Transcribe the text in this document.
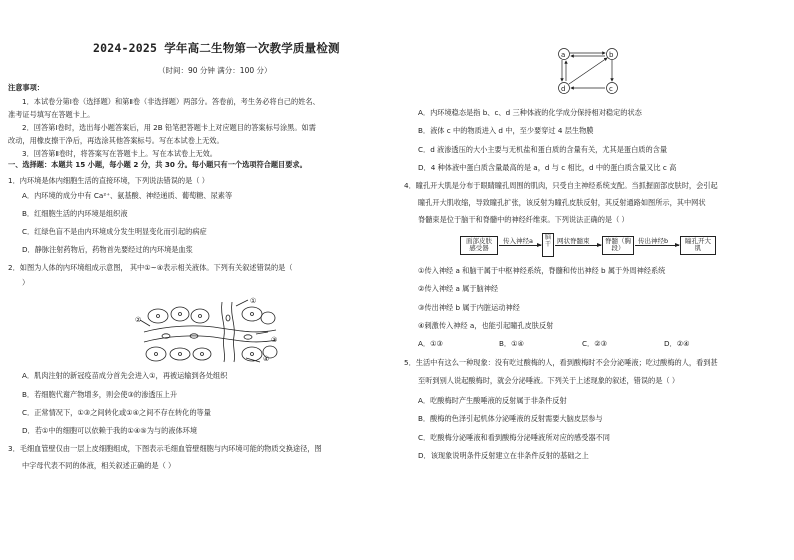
2024-2025 学年高二生物第一次教学质量检测
（时间：90 分钟 满分：100 分）
注意事项：
1．本试卷分第Ⅰ卷（选择题）和第Ⅱ卷（非选择题）两部分。答卷前，考生务必将自己的姓名、
准考证号填写在答题卡上。
2．回答第Ⅰ卷时，选出每小题答案后，用 2B 铅笔把答题卡上对应题目的答案标号涂黑。如需
改动，用橡皮擦干净后，再选涂其他答案标号。写在本试卷上无效。
3．回答第Ⅱ卷时，将答案写在答题卡上。写在本试卷上无效。
一、选择题：本题共 15 小题，每小题 2 分，共 30 分。每小题只有一个选项符合题目要求。
1．内环境是体内细胞生活的直接环境，下列说法错误的是（ ）
A．内环境的成分中有 Ca²⁺、氨基酸、神经递质、葡萄糖、尿素等
B．红细胞生活的内环境是组织液
C．红绿色盲不是由内环境成分发生明显变化而引起的病症
D．静脉注射药物后，药物首先要经过的内环境是血浆
2．如图为人体的内环境组成示意图， 其中①~④表示相关液体。下列有关叙述错误的是（
）
①
②
③
④
A．肌肉注射的新冠疫苗成分首先会进入①，再被运输到各处组织
B．若细胞代谢产物增多，则会使③的渗透压上升
C．正常情况下，①③之间转化或①④之间不存在转化的等量
D．若①中的细胞可以依赖于我的①④⑤为与的液体环境
3．毛细血管壁仅由一层上皮细胞组成，下图表示毛细血管壁细胞与内环境可能的物质交换途径，图
中字母代表不同的体液，相关叙述正确的是（ ）
a	b
d	c
A．内环境稳态是指 b、c、d 三种体液的化学成分保持相对稳定的状态
B．液体 c 中的物质进入 d 中，至少要穿过 4 层生物膜
C．d 液渗透压的大小主要与无机盐和蛋白质的含量有关，尤其是蛋白质的含量
D．4 种体液中蛋白质含量最高的是 a，d 与 c 相比，d 中的蛋白质含量又比 c 高
4．瞳孔开大肌是分布于眼睛瞳孔周围的肌肉，只受自主神经系统支配。当抓握面部皮肤时，会引起
瞳孔开大肌收缩，导致瞳孔扩张，该反射为瞳孔皮肤反射，其反射通路如图所示，其中网状
脊髓束是位于脑干和脊髓中的神经纤维束。下列说法正确的是（ ）
面部皮肤感受器
传入神经a	脑干 网状脊髓束	脊髓（胸段）
传出神经b	瞳孔开大肌
①传入神经 a 和脑干属于中枢神经系统，脊髓和传出神经 b 属于外周神经系统
②传入神经 a 属于脑神经
③传出神经 b 属于内脏运动神经
④刺激传入神经 a，也能引起瞳孔皮肤反射
A．①③	B．①④	C．②③	D．②④
5．生活中有这么一种现象：没有吃过酸梅的人，看到酸梅时不会分泌唾液；吃过酸梅的人，看到甚
至听到别人说起酸梅时，就会分泌唾液。下列关于上述现象的叙述，错误的是（ ）
A．吃酸梅时产生酸唾液的反射属于非条件反射
B．酸梅的色泽引起机体分泌唾液的反射需要大脑皮层参与
C．吃酸梅分泌唾液和看到酸梅分泌唾液所对应的感受器不同
D．该现象说明条件反射建立在非条件反射的基础之上
